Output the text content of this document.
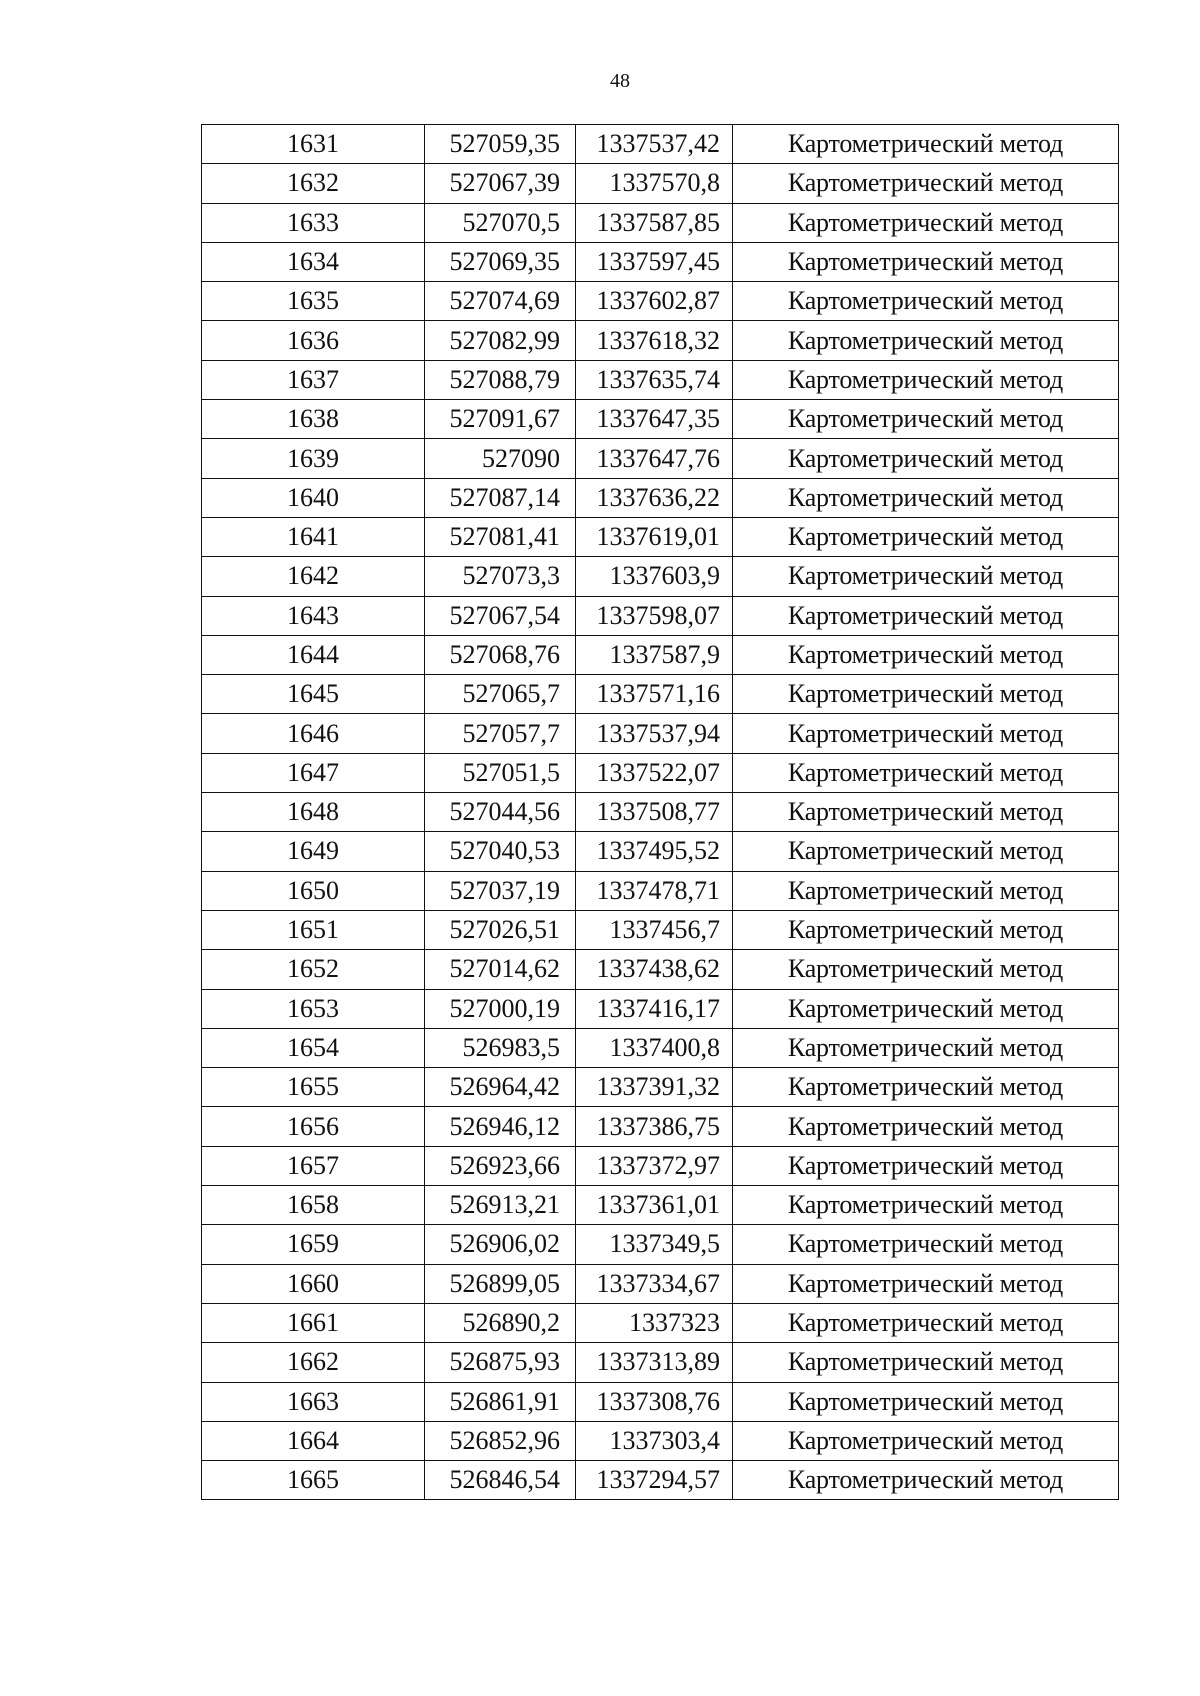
48
1631	527059,35	1337537,42	Картометрический метод
1632	527067,39	1337570,8	Картометрический метод
1633	527070,5	1337587,85	Картометрический метод
1634	527069,35	1337597,45	Картометрический метод
1635	527074,69	1337602,87	Картометрический метод
1636	527082,99	1337618,32	Картометрический метод
1637	527088,79	1337635,74	Картометрический метод
1638	527091,67	1337647,35	Картометрический метод
1639	527090	1337647,76	Картометрический метод
1640	527087,14	1337636,22	Картометрический метод
1641	527081,41	1337619,01	Картометрический метод
1642	527073,3	1337603,9	Картометрический метод
1643	527067,54	1337598,07	Картометрический метод
1644	527068,76	1337587,9	Картометрический метод
1645	527065,7	1337571,16	Картометрический метод
1646	527057,7	1337537,94	Картометрический метод
1647	527051,5	1337522,07	Картометрический метод
1648	527044,56	1337508,77	Картометрический метод
1649	527040,53	1337495,52	Картометрический метод
1650	527037,19	1337478,71	Картометрический метод
1651	527026,51	1337456,7	Картометрический метод
1652	527014,62	1337438,62	Картометрический метод
1653	527000,19	1337416,17	Картометрический метод
1654	526983,5	1337400,8	Картометрический метод
1655	526964,42	1337391,32	Картометрический метод
1656	526946,12	1337386,75	Картометрический метод
1657	526923,66	1337372,97	Картометрический метод
1658	526913,21	1337361,01	Картометрический метод
1659	526906,02	1337349,5	Картометрический метод
1660	526899,05	1337334,67	Картометрический метод
1661	526890,2	1337323	Картометрический метод
1662	526875,93	1337313,89	Картометрический метод
1663	526861,91	1337308,76	Картометрический метод
1664	526852,96	1337303,4	Картометрический метод
1665	526846,54	1337294,57	Картометрический метод
